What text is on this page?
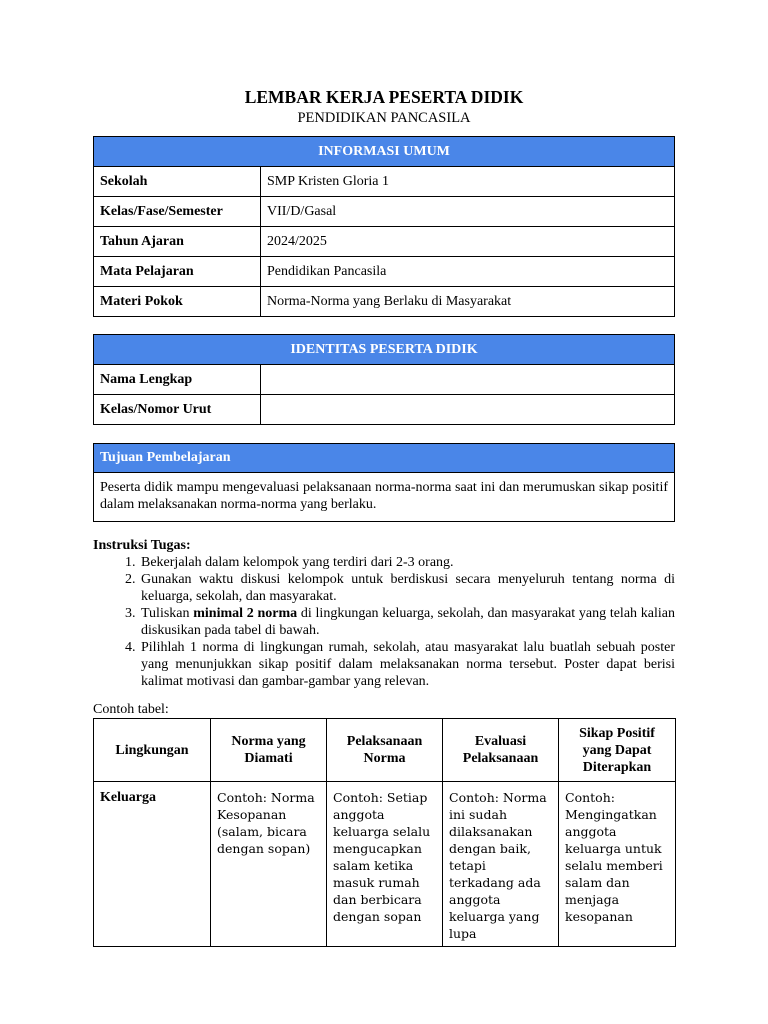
LEMBAR KERJA PESERTA DIDIK
PENDIDIKAN PANCASILA
INFORMASI UMUM	
Sekolah	SMP Kristen Gloria 1
Kelas/Fase/Semester	VII/D/Gasal
Tahun Ajaran	2024/2025
Mata Pelajaran	Pendidikan Pancasila
Materi Pokok	Norma-Norma yang Berlaku di Masyarakat
IDENTITAS PESERTA DIDIK	
Nama Lengkap	
Kelas/Nomor Urut	
Tujuan Pembelajaran
Peserta didik mampu mengevaluasi pelaksanaan norma-norma saat ini dan merumuskan sikap positif dalam melaksanakan norma-norma yang berlaku.
Instruksi Tugas:
1. Bekerjalah dalam kelompok yang terdiri dari 2-3 orang.
2. Gunakan waktu diskusi kelompok untuk berdiskusi secara menyeluruh tentang norma di keluarga, sekolah, dan masyarakat.
3. Tuliskan minimal 2 norma di lingkungan keluarga, sekolah, dan masyarakat yang telah kalian diskusikan pada tabel di bawah.
4. Pilihlah 1 norma di lingkungan rumah, sekolah, atau masyarakat lalu buatlah sebuah poster yang menunjukkan sikap positif dalam melaksanakan norma tersebut. Poster dapat berisi kalimat motivasi dan gambar-gambar yang relevan.
Contoh tabel:
Lingkungan	Norma yang Diamati	Pelaksanaan Norma	Evaluasi Pelaksanaan	Sikap Positif yang Dapat Diterapkan
Keluarga	Contoh: Norma Kesopanan (salam, bicara dengan sopan)	Contoh: Setiap anggota keluarga selalu mengucapkan salam ketika masuk rumah dan berbicara dengan sopan	Contoh: Norma ini sudah dilaksanakan dengan baik, tetapi terkadang ada anggota keluarga yang lupa	Contoh: Mengingatkan anggota keluarga untuk selalu memberi salam dan menjaga kesopanan
